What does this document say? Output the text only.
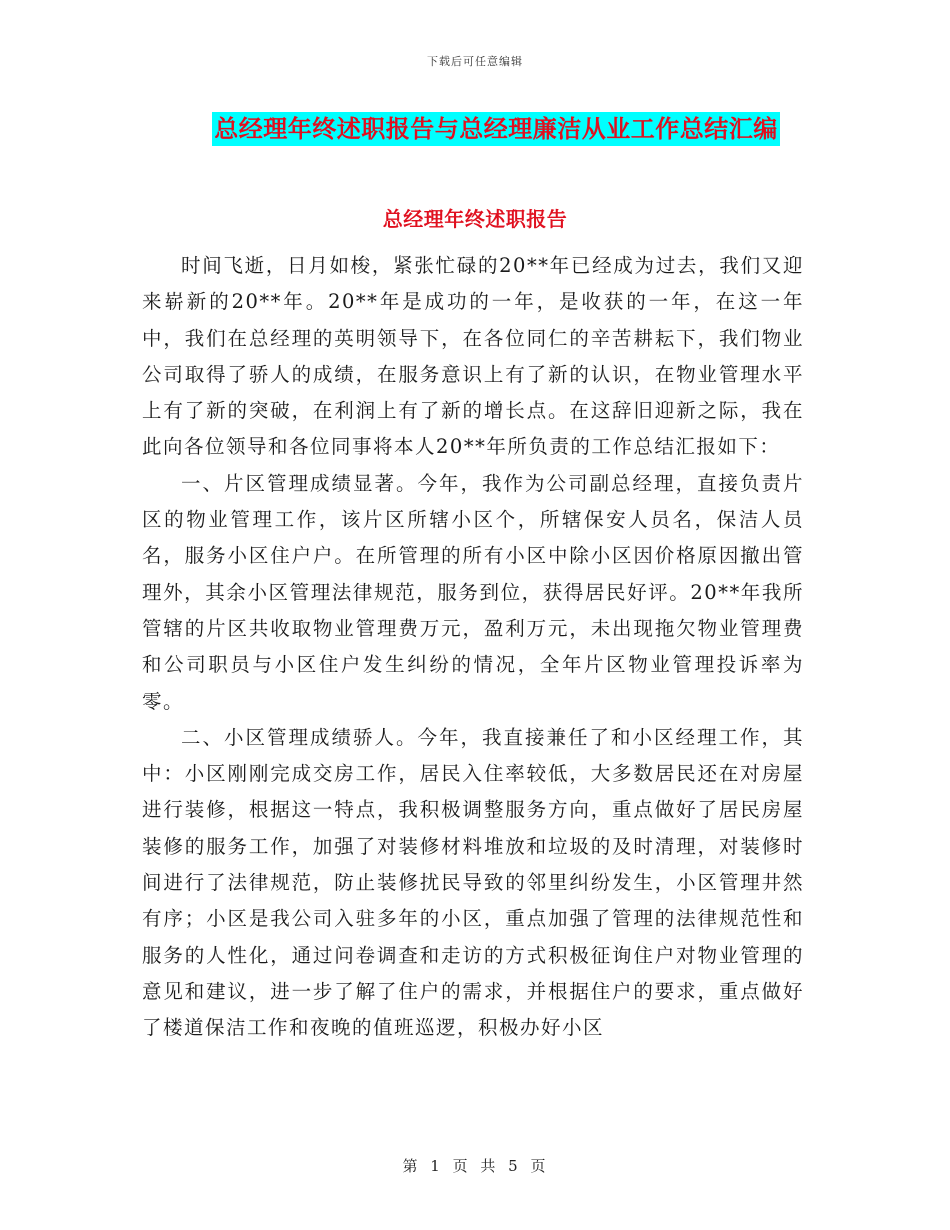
下载后可任意编辑
总经理年终述职报告与总经理廉洁从业工作总结汇编
总经理年终述职报告

时间飞逝，日月如梭，紧张忙碌的20**年已经成为过去，我们又迎来崭新的20**年。20**年是成功的一年，是收获的一年，在这一年中，我们在总经理的英明领导下，在各位同仁的辛苦耕耘下，我们物业公司取得了骄人的成绩，在服务意识上有了新的认识，在物业管理水平上有了新的突破，在利润上有了新的增长点。在这辞旧迎新之际，我在此向各位领导和各位同事将本人20**年所负责的工作总结汇报如下：

一、片区管理成绩显著。今年，我作为公司副总经理，直接负责片区的物业管理工作，该片区所辖小区个，所辖保安人员名，保洁人员名，服务小区住户户。在所管理的所有小区中除小区因价格原因撤出管理外，其余小区管理法律规范，服务到位，获得居民好评。20**年我所管辖的片区共收取物业管理费万元，盈利万元，未出现拖欠物业管理费和公司职员与小区住户发生纠纷的情况，全年片区物业管理投诉率为零。

二、小区管理成绩骄人。今年，我直接兼任了和小区经理工作，其中：小区刚刚完成交房工作，居民入住率较低，大多数居民还在对房屋进行装修，根据这一特点，我积极调整服务方向，重点做好了居民房屋装修的服务工作，加强了对装修材料堆放和垃圾的及时清理，对装修时间进行了法律规范，防止装修扰民导致的邻里纠纷发生，小区管理井然有序；小区是我公司入驻多年的小区，重点加强了管理的法律规范性和服务的人性化，通过问卷调查和走访的方式积极征询住户对物业管理的意见和建议，进一步了解了住户的需求，并根据住户的要求，重点做好了楼道保洁工作和夜晚的值班巡逻，积极办好小区

第 1 页 共 5 页
